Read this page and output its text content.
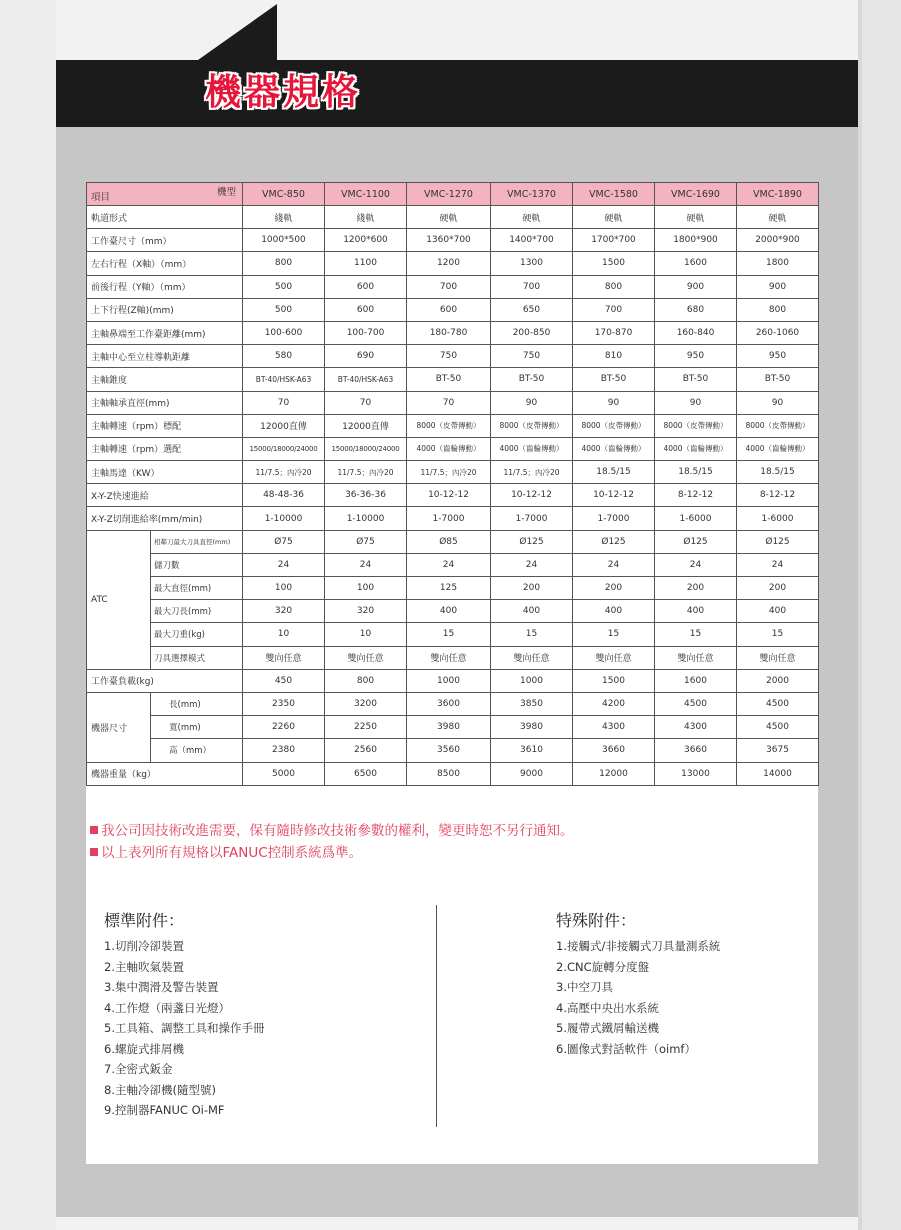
機器規格
項目 機型		VMC-850	VMC-1100	VMC-1270	VMC-1370	VMC-1580	VMC-1690	VMC-1890
軌道形式		綫軌	綫軌	硬軌	硬軌	硬軌	硬軌	硬軌
工作臺尺寸（mm）		1000*500	1200*600	1360*700	1400*700	1700*700	1800*900	2000*900
左右行程（X軸）（mm）		800	1100	1200	1300	1500	1600	1800
前後行程（Y軸）（mm）		500	600	700	700	800	900	900
上下行程(Z軸)(mm)		500	600	600	650	700	680	800
主軸鼻端至工作臺距離(mm)		100-600	100-700	180-780	200-850	170-870	160-840	260-1060
主軸中心至立柱導軌距離		580	690	750	750	810	950	950
主軸錐度		BT-40/HSK-A63	BT-40/HSK-A63	BT-50	BT-50	BT-50	BT-50	BT-50
主軸軸承直徑(mm)		70	70	70	90	90	90	90
主軸轉速（rpm）標配		12000直傳	12000直傳	8000（皮帶傳動）	8000（皮帶傳動）	8000（皮帶傳動）	8000（皮帶傳動）	8000（皮帶傳動）
主軸轉速（rpm）選配		15000/18000/24000	15000/18000/24000	4000（齒輪傳動）	4000（齒輪傳動）	4000（齒輪傳動）	4000（齒輪傳動）	4000（齒輪傳動）
主軸馬達（KW）		11/7.5；內冷20	11/7.5；內冷20	11/7.5；內冷20	11/7.5；內冷20	18.5/15	18.5/15	18.5/15
X-Y-Z快速進給		48-48-36	36-36-36	10-12-12	10-12-12	10-12-12	8-12-12	8-12-12
X-Y-Z切削進給率(mm/min)		1-10000	1-10000	1-7000	1-7000	1-7000	1-6000	1-6000
ATC	相鄰刀最大刀具直徑(mm)	Ø75	Ø75	Ø85	Ø125	Ø125	Ø125	Ø125
	儲刀數	24	24	24	24	24	24	24
	最大直徑(mm)	100	100	125	200	200	200	200
	最大刀長(mm)	320	320	400	400	400	400	400
	最大刀重(kg)	10	10	15	15	15	15	15
	刀具選擇模式	雙向任意	雙向任意	雙向任意	雙向任意	雙向任意	雙向任意	雙向任意
工作臺負載(kg)		450	800	1000	1000	1500	1600	2000
機器尺寸	長(mm)	2350	3200	3600	3850	4200	4500	4500
	寬(mm)	2260	2250	3980	3980	4300	4300	4500
	高（mm）	2380	2560	3560	3610	3660	3660	3675
機器重量（kg）		5000	6500	8500	9000	12000	13000	14000
我公司因技術改進需要，保有隨時修改技術參數的權利，變更時恕不另行通知。
以上表列所有規格以FANUC控制系統爲準。
標準附件：
1.切削冷卻裝置
2.主軸吹氣裝置
3.集中潤滑及警告裝置
4.工作燈（兩盞日光燈）
5.工具箱、調整工具和操作手冊
6.螺旋式排屑機
7.全密式鈑金
8.主軸冷卻機(隨型號)
9.控制器FANUC Oi-MF
特殊附件：
1.接觸式/非接觸式刀具量測系統
2.CNC旋轉分度盤
3.中空刀具
4.高壓中央出水系統
5.履帶式鐵屑輸送機
6.圖像式對話軟件（oimf）
